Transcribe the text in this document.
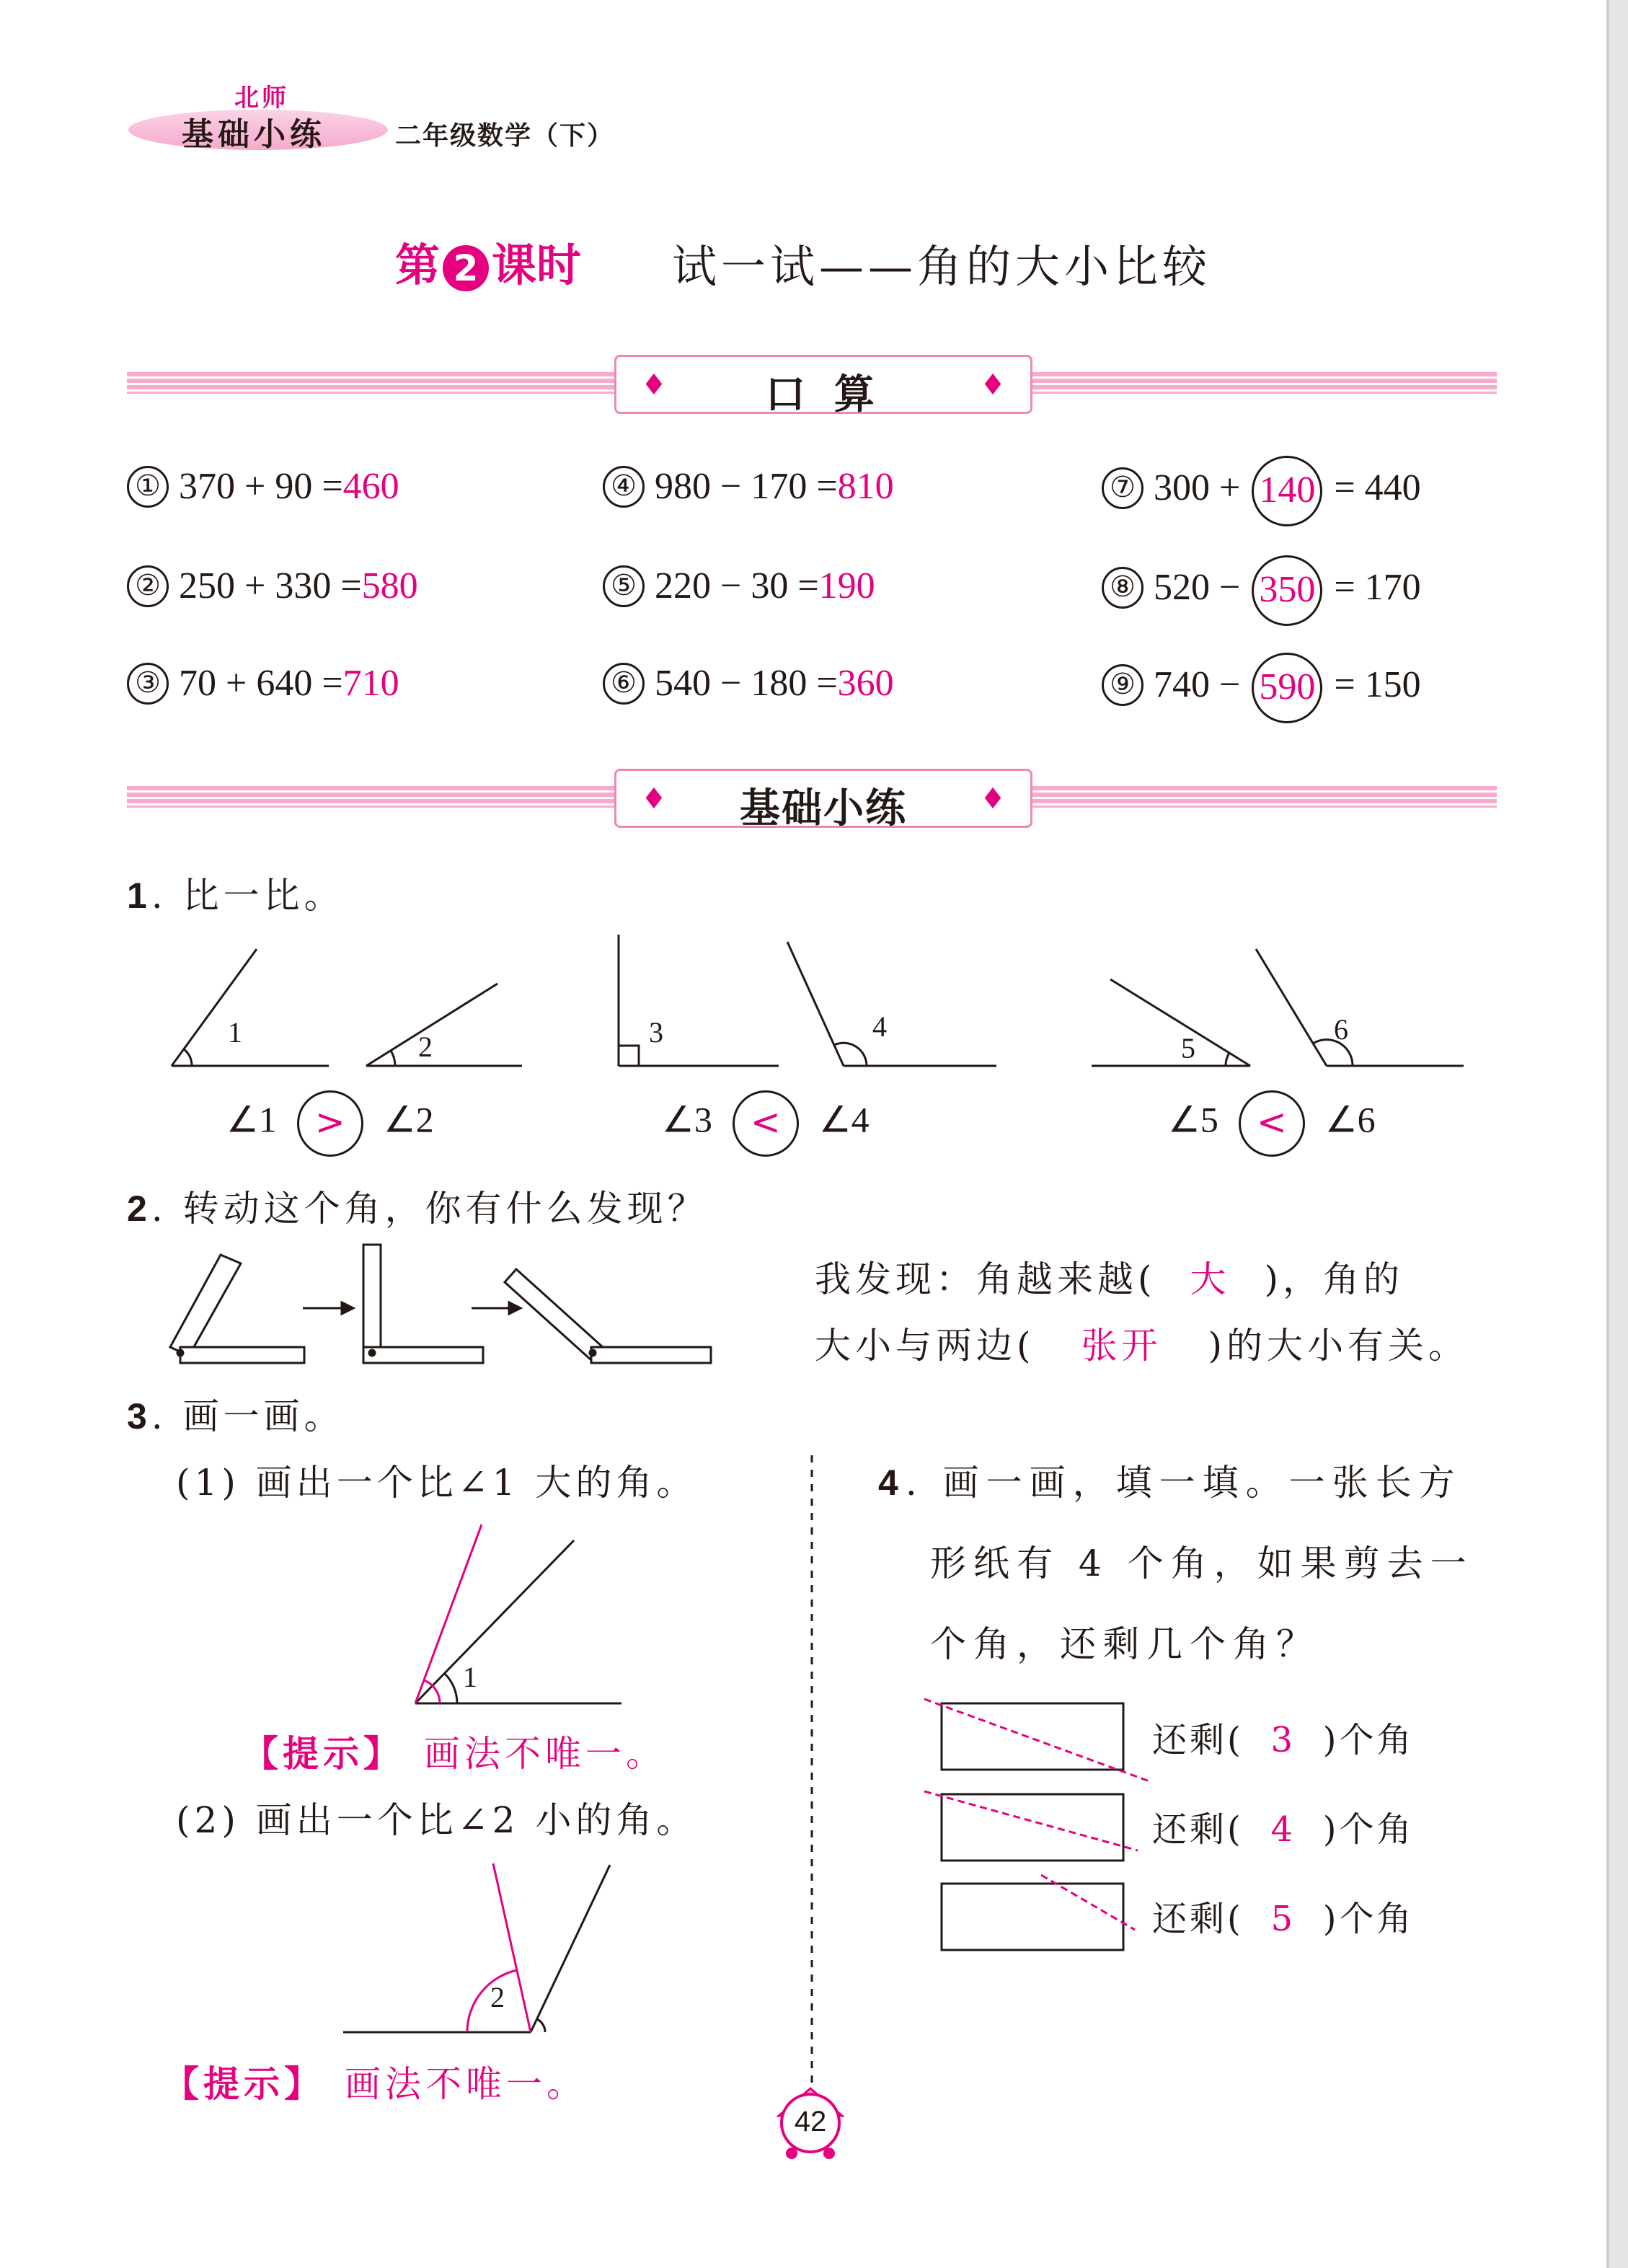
北师
基础小练	二年级数学（下）
第 2 课时 试一试——角的大小比较
♦	口 算	♦
① 370 + 90 =460
② 250 + 330 =580
③ 70 + 640 =710
④ 980 − 170 =810
⑤ 220 − 30 =190
⑥ 540 − 180 =360
⑦ 300 + 140 = 440
⑧ 520 − 350 = 170
⑨ 740 − 590 = 150
♦	基础小练	♦
1. 比一比。
1	2	3	4
5
6
∠1 > ∠2	∠3 < ∠4	∠5 < ∠6
2. 转动这个角，你有什么发现？
我发现：角越来越( 大 )，角的
大小与两边( 张开 )的大小有关。
3. 画一画。
(1) 画出一个比∠1 大的角。
1
【提示】 画法不唯一。
(2) 画出一个比∠2 小的角。
2
【提示】 画法不唯一。
4. 画一画，填一填。一张长方
形纸有 4 个角，如果剪去一
个角，还剩几个角？
还剩( 3 )个角
还剩( 4 )个角
还剩( 5 )个角
42
